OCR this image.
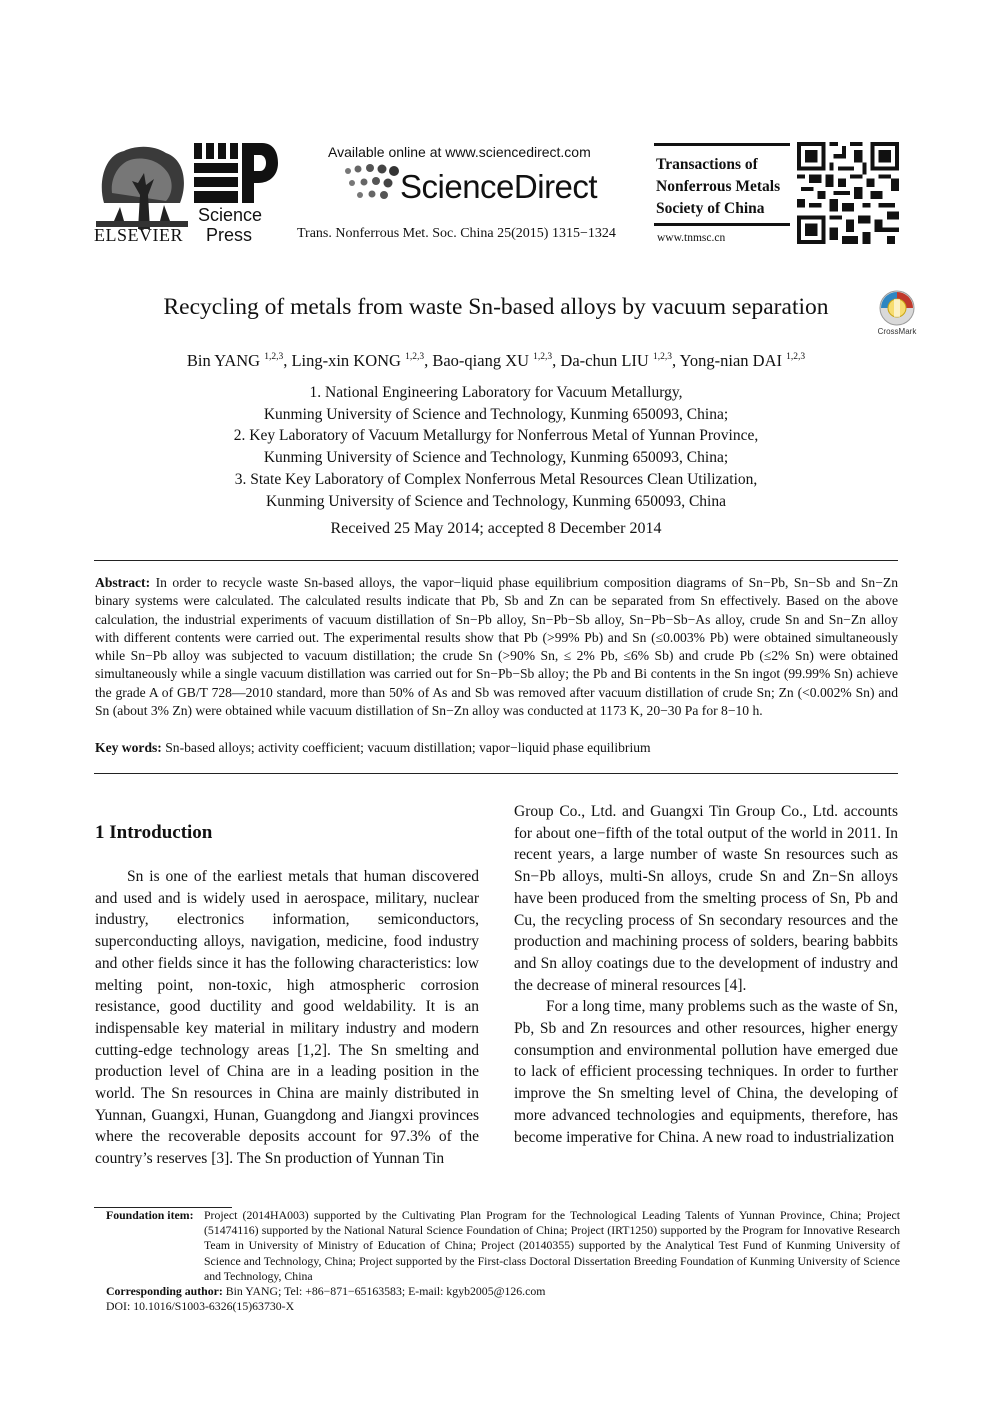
ELSEVIER
Science
Press
Available online at www.sciencedirect.com
ScienceDirect
Trans. Nonferrous Met. Soc. China 25(2015) 1315−1324
Transactions of
Nonferrous Metals
Society of China
www.tnmsc.cn
Recycling of metals from waste Sn-based alloys by vacuum separation
CrossMark
Bin YANG $^{1,2,3}$, Ling-xin KONG $^{1,2,3}$, Bao-qiang XU $^{1,2,3}$, Da-chun LIU $^{1,2,3}$, Yong-nian DAI $^{1,2,3}$
1. National Engineering Laboratory for Vacuum Metallurgy,
Kunming University of Science and Technology, Kunming 650093, China;
2. Key Laboratory of Vacuum Metallurgy for Nonferrous Metal of Yunnan Province,
Kunming University of Science and Technology, Kunming 650093, China;
3. State Key Laboratory of Complex Nonferrous Metal Resources Clean Utilization,
Kunming University of Science and Technology, Kunming 650093, China
Received 25 May 2014; accepted 8 December 2014
Abstract: In order to recycle waste Sn-based alloys, the vapor−liquid phase equilibrium composition diagrams of Sn−Pb, Sn−Sb and Sn−Zn binary systems were calculated. The calculated results indicate that Pb, Sb and Zn can be separated from Sn effectively. Based on the above calculation, the industrial experiments of vacuum distillation of Sn−Pb alloy, Sn−Pb−Sb alloy, Sn−Pb−Sb−As alloy, crude Sn and Sn−Zn alloy with different contents were carried out. The experimental results show that Pb (>99% Pb) and Sn (≤0.003% Pb) were obtained simultaneously while Sn−Pb alloy was subjected to vacuum distillation; the crude Sn (>90% Sn, ≤ 2% Pb, ≤6% Sb) and crude Pb (≤2% Sn) were obtained simultaneously while a single vacuum distillation was carried out for Sn−Pb−Sb alloy; the Pb and Bi contents in the Sn ingot (99.99% Sn) achieve the grade A of GB/T 728—2010 standard, more than 50% of As and Sb was removed after vacuum distillation of crude Sn; Zn (<0.002% Sn) and Sn (about 3% Zn) were obtained while vacuum distillation of Sn−Zn alloy was conducted at 1173 K, 20−30 Pa for 8−10 h.
Key words: Sn-based alloys; activity coefficient; vacuum distillation; vapor−liquid phase equilibrium
1 Introduction

Sn is one of the earliest metals that human discovered and used and is widely used in aerospace, military, nuclear industry, electronics information, semiconductors, superconducting alloys, navigation, medicine, food industry and other fields since it has the following characteristics: low melting point, non-toxic, high atmospheric corrosion resistance, good ductility and good weldability. It is an indispensable key material in military industry and modern cutting-edge technology areas [1,2]. The Sn smelting and production level of China are in a leading position in the world. The Sn resources in China are mainly distributed in Yunnan, Guangxi, Hunan, Guangdong and Jiangxi provinces where the recoverable deposits account for 97.3% of the country’s reserves [3]. The Sn production of Yunnan Tin

Group Co., Ltd. and Guangxi Tin Group Co., Ltd. accounts for about one−fifth of the total output of the world in 2011. In recent years, a large number of waste Sn resources such as Sn−Pb alloys, multi-Sn alloys, crude Sn and Zn−Sn alloys have been produced from the smelting process of Sn, Pb and Cu, the recycling process of Sn secondary resources and the production and machining process of solders, bearing babbits and Sn alloy coatings due to the development of industry and the decrease of mineral resources [4].

For a long time, many problems such as the waste of Sn, Pb, Sb and Zn resources and other resources, higher energy consumption and environmental pollution have emerged due to lack of efficient processing techniques. In order to further improve the Sn smelting level of China, the developing of more advanced technologies and equipments, therefore, has become imperative for China. A new road to industrialization

Foundation item: Project (2014HA003) supported by the Cultivating Plan Program for the Technological Leading Talents of Yunnan Province, China; Project (51474116) supported by the National Natural Science Foundation of China; Project (IRT1250) supported by the Program for Innovative Research Team in University of Ministry of Education of China; Project (20140355) supported by the Analytical Test Fund of Kunming University of Science and Technology, China; Project supported by the First-class Doctoral Dissertation Breeding Foundation of Kunming University of Science and Technology, China
Corresponding author: Bin YANG; Tel: +86−871−65163583; E-mail: kgyb2005@126.com
DOI: 10.1016/S1003-6326(15)63730-X
